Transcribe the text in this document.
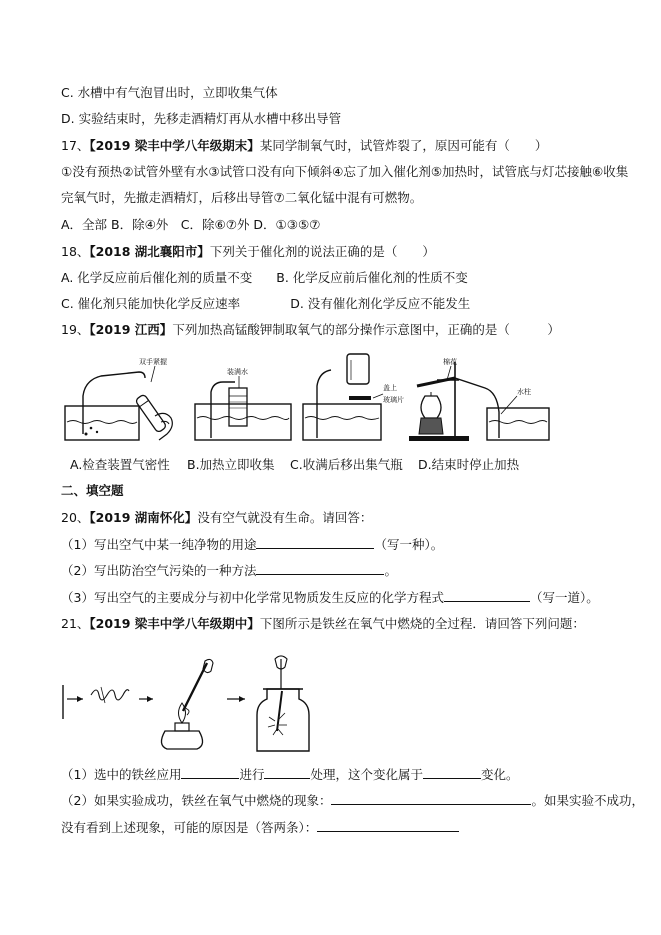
C. 水槽中有气泡冒出时，立即收集气体
D. 实验结束时，先移走酒精灯再从水槽中移出导管
17、【2019 梁丰中学八年级期末】某同学制氧气时，试管炸裂了，原因可能有（　　）
①没有预热②试管外壁有水③试管口没有向下倾斜④忘了加入催化剂⑤加热时，试管底与灯芯接触⑥收集
完氧气时，先撤走酒精灯，后移出导管⑦二氧化锰中混有可燃物。
A．全部 B．除④外　C．除⑥⑦外 D．①③⑤⑦
18、【2018 湖北襄阳市】下列关于催化剂的说法正确的是（　　）
A. 化学反应前后催化剂的质量不变 B. 化学反应前后催化剂的性质不变
C. 催化剂只能加快化学反应速率	D. 没有催化剂化学反应不能发生
19、【2019 江西】下列加热高锰酸钾制取氧气的部分操作示意图中，正确的是（　　　）
双手紧握
装满水
盖上
玻璃片
棉花
水柱
A.检查装置气密性 B.加热立即收集 C.收满后移出集气瓶 D.结束时停止加热
二、填空题
20、【2019 湖南怀化】没有空气就没有生命。请回答：
（1）写出空气中某一纯净物的用途	（写一种）。
（2）写出防治空气污染的一种方法	。
（3）写出空气的主要成分与初中化学常见物质发生反应的化学方程式	（写一道）。
21、【2019 梁丰中学八年级期中】下图所示是铁丝在氧气中燃烧的全过程．请回答下列问题：
（1）选中的铁丝应用	进行	处理，这个变化属于	变化。
（2）如果实验成功，铁丝在氧气中燃烧的现象：	。如果实验不成功，
没有看到上述现象，可能的原因是（答两条）：
